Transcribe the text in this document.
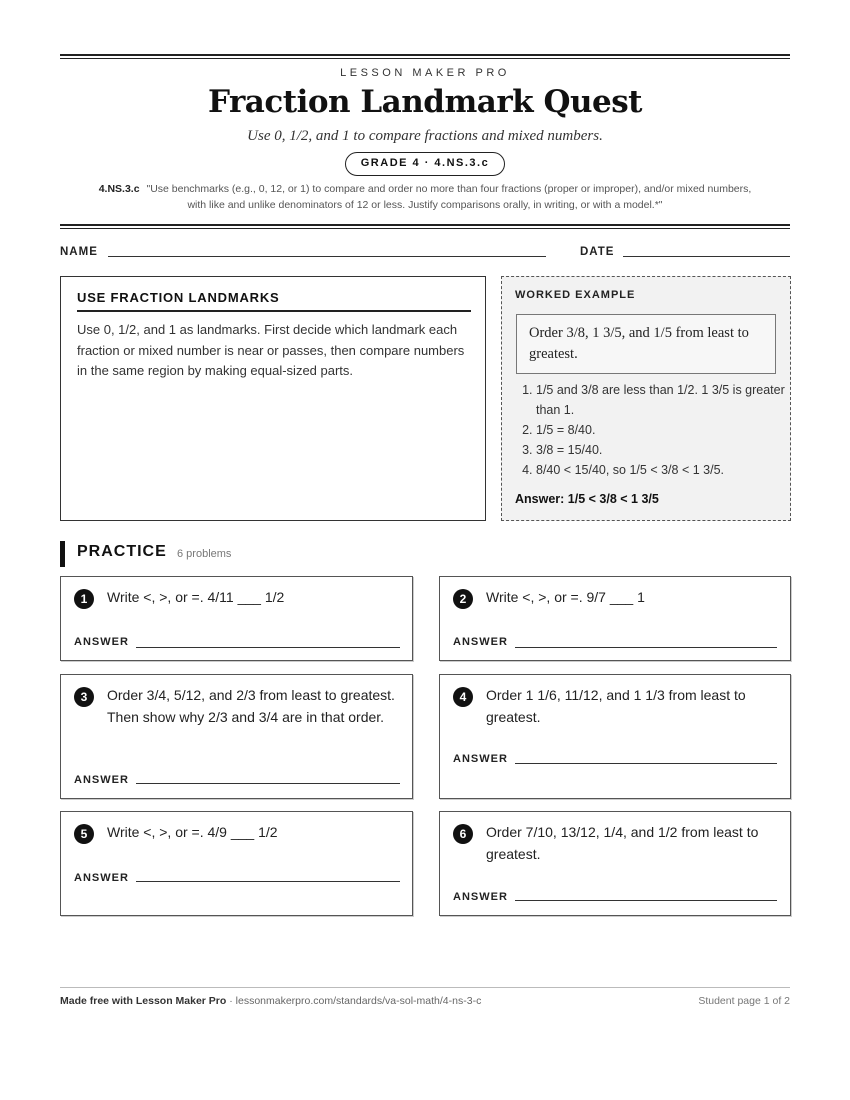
LESSON MAKER PRO
Fraction Landmark Quest
Use 0, 1/2, and 1 to compare fractions and mixed numbers.
GRADE 4 · 4.NS.3.c
4.NS.3.c "Use benchmarks (e.g., 0, 12, or 1) to compare and order no more than four fractions (proper or improper), and/or mixed numbers,
with like and unlike denominators of 12 or less. Justify comparisons orally, in writing, or with a model.*"
NAME	DATE
USE FRACTION LANDMARKS
Use 0, 1/2, and 1 as landmarks. First decide which landmark each fraction or mixed number is near or passes, then compare numbers in the same region by making equal-sized parts.
WORKED EXAMPLE
Order 3/8, 1 3/5, and 1/5 from least to greatest.
1. 1/5 and 3/8 are less than 1/2. 1 3/5 is greater than 1.
2. 1/5 = 8/40.
3. 3/8 = 15/40.
4. 8/40 < 15/40, so 1/5 < 3/8 < 1 3/5.
Answer: 1/5 < 3/8 < 1 3/5
PRACTICE 6 problems
1	Write <, >, or =. 4/11 ___ 1/2
ANSWER
2	Write <, >, or =. 9/7 ___ 1
ANSWER
3	Order 3/4, 5/12, and 2/3 from least to greatest. Then show why 2/3 and 3/4 are in that order.
ANSWER
4	Order 1 1/6, 11/12, and 1 1/3 from least to greatest.
ANSWER
5	Write <, >, or =. 4/9 ___ 1/2
ANSWER
6	Order 7/10, 13/12, 1/4, and 1/2 from least to greatest.
ANSWER
Made free with Lesson Maker Pro · lessonmakerpro.com/standards/va-sol-math/4-ns-3-c	Student page 1 of 2
